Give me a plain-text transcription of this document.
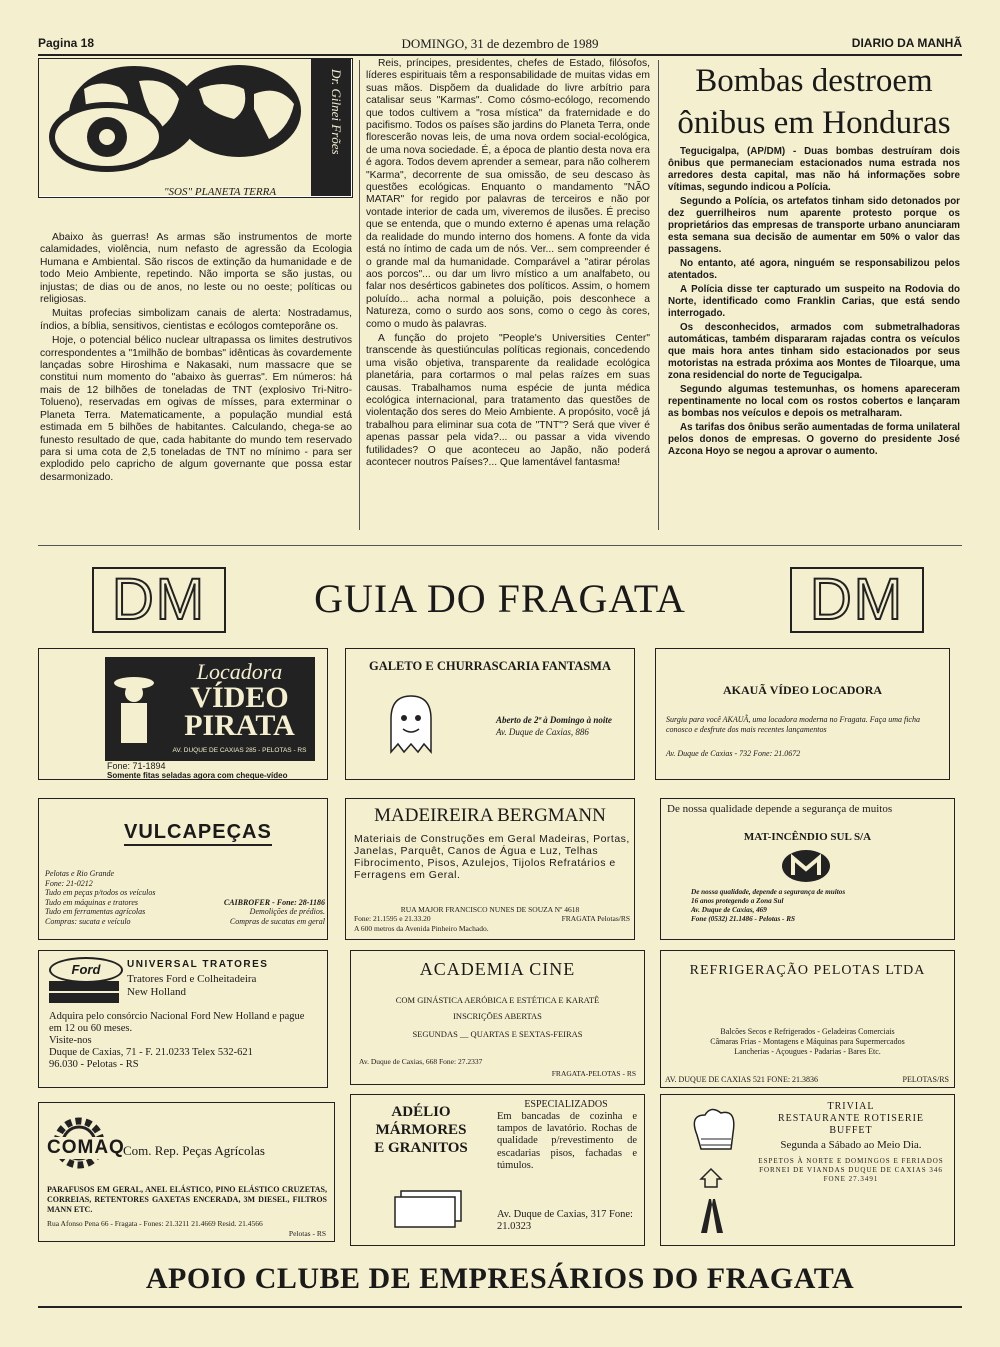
Pagina 18	DOMINGO, 31 de dezembro de 1989	DIARIO DA MANHÃ
Dr. Gilnei Frões
"SOS" PLANETA TERRA

Abaixo às guerras! As armas são instrumentos de morte calamidades, violência, num nefasto de agressão da Ecologia Humana e Ambiental. São riscos de extinção da humanidade e de todo Meio Ambiente, repetindo. Não importa se são justas, ou injustas; de dias ou de anos, no leste ou no oeste; políticas ou religiosas.

Muitas profecias simbolizam canais de alerta: Nostradamus, índios, a bíblia, sensitivos, cientistas e ecólogos comteporâne os.

Hoje, o potencial bélico nuclear ultrapassa os limites destrutivos correspondentes a "1milhão de bombas" idênticas às covardemente lançadas sobre Hiroshima e Nakasaki, num massacre que se constitui num momento do "abaixo às guerras". Em números: há mais de 12 bilhões de toneladas de TNT (explosivo Tri-Nitro-Tolueno), reservadas em ogivas de mísses, para exterminar o Planeta Terra. Matematicamente, a população mundial está estimada em 5 bilhões de habitantes. Calculando, chega-se ao funesto resultado de que, cada habitante do mundo tem reservado para si uma cota de 2,5 toneladas de TNT no mínimo - para ser explodido pelo capricho de algum governante que possa estar desarmonizado.

Reis, príncipes, presidentes, chefes de Estado, filósofos, líderes espirituais têm a responsabilidade de muitas vidas em suas mãos. Dispõem da dualidade do livre arbítrio para catalisar seus "Karmas". Como cósmo-ecólogo, recomendo que todos cultivem a "rosa mística" da fraternidade e do pacifismo. Todos os países são jardins do Planeta Terra, onde florescerão novas leis, de uma nova ordem social-ecológica, de uma nova sociedade. É, a época de plantio desta nova era é agora. Todos devem aprender a semear, para não colherem "Karma", decorrente de sua omissão, de seu descaso às questões ecológicas. Enquanto o mandamento "NÃO MATAR" for regido por palavras de terceiros e não por vontade interior de cada um, viveremos de ilusões. É preciso que se entenda, que o mundo externo é apenas uma relação da realidade do mundo interno dos homens. A fonte da vida está no íntimo de cada um de nós. Ver... sem compreender é o grande mal da humanidade. Comparável a "atirar pérolas aos porcos"... ou dar um livro místico a um analfabeto, ou falar nos desérticos gabinetes dos políticos. Assim, o homem poluído... acha normal a poluição, pois desconhece a Natureza, como o surdo aos sons, como o cego às cores, como o mudo às palavras.

A função do projeto "People's Universities Center" transcende às questiúnculas políticas regionais, concedendo uma visão objetiva, transparente da realidade ecológica planetária, para cortarmos o mal pelas raízes em suas causas. Trabalhamos numa espécie de junta médica ecológica internacional, para tratamento das questões de violentação dos seres do Meio Ambiente. A propósito, você já trabalhou para eliminar sua cota de "TNT"? Será que viver é apenas passar pela vida?... ou passar a vida vivendo futilidades? O que aconteceu ao Japão, não poderá acontecer noutros Países?... Que lamentável fantasma!

Bombas destroem ônibus em Honduras

Tegucigalpa, (AP/DM) - Duas bombas destruíram dois ônibus que permaneciam estacionados numa estrada nos arredores desta capital, mas não há informações sobre vítimas, segundo indicou a Polícia.

Segundo a Polícia, os artefatos tinham sido detonados por dez guerrilheiros num aparente protesto porque os proprietários das empresas de transporte urbano anunciaram esta semana sua decisão de aumentar em 50% o valor das passagens.

No entanto, até agora, ninguém se responsabilizou pelos atentados.

A Polícia disse ter capturado um suspeito na Rodovia do Norte, identificado como Franklin Carias, que está sendo interrogado.

Os desconhecidos, armados com submetralhadoras automáticas, também dispararam rajadas contra os veículos que mais hora antes tinham sido estacionados por seus motoristas na estrada próxima aos Montes de Tiloarque, uma zona residencial do norte de Tegucigalpa.

Segundo algumas testemunhas, os homens apareceram repentinamente no local com os rostos cobertos e lançaram as bombas nos veículos e depois os metralharam.

As tarifas dos ônibus serão aumentadas de forma unilateral pelos donos de empresas. O governo do presidente José Azcona Hoyo se negou a aprovar o aumento.

DM	GUIA DO FRAGATA	DM
Locadora
VÍDEO
PIRATA
AV. DUQUE DE CAXIAS 285 - PELOTAS - RS
Fone: 71-1894
Somente fitas seladas agora com cheque-vídeo
GALETO E CHURRASCARIA FANTASMA
Aberto de 2ª à Domingo à noite
Av. Duque de Caxias, 886
AKAUÃ VÍDEO LOCADORA
Surgiu para você AKAUÃ, uma locadora moderna no Fragata. Faça uma ficha conosco e desfrute dos mais recentes lançamentos
Av. Duque de Caxias - 732 Fone: 21.0672
VULCAPEÇAS
Pelotas e Rio Grande
Fone: 21-0212
Tudo em peças p/todos os veículos
Tudo em máquinas e tratores	CAIBROFER - Fone: 28-1186
Tudo em ferramentas agrícolas	Demolições de prédios.
Compras: sucata e veículo	Compras de sucatas em geral
MADEIREIRA BERGMANN
Materiais de Construções em Geral Madeiras, Portas, Janelas, Parquêt, Canos de Água e Luz, Telhas Fibrocimento, Pisos, Azulejos, Tijolos Refratários e Ferragens em Geral.
RUA MAJOR FRANCISCO NUNES DE SOUZA Nº 4618
Fone: 21.1595 e 21.33.20	FRAGATA Pelotas/RS
A 600 metros da Avenida Pinheiro Machado.
De nossa qualidade depende a segurança de muitos
MAT-INCÊNDIO SUL S/A
De nossa qualidade, depende a segurança de muitos
16 anos protegendo a Zona Sul
Av. Duque de Caxias, 469
Fone (0532) 21.1486 - Pelotas - RS
Ford	UNIVERSAL TRATORES
Tratores Ford e Colheitadeira
New Holland
Adquira pelo consórcio Nacional Ford New Holland e pague em 12 ou 60 meses.
Visite-nos
Duque de Caxias, 71 - F. 21.0233 Telex 532-621
96.030 - Pelotas - RS
ACADEMIA CINE
COM GINÁSTICA AERÓBICA E ESTÉTICA E KARATÊ
INSCRIÇÕES ABERTAS
SEGUNDAS __ QUARTAS E SEXTAS-FEIRAS
Av. Duque de Caxias, 668 Fone: 27.2337
FRAGATA-PELOTAS - RS
REFRIGERAÇÃO PELOTAS LTDA
Balcões Secos e Refrigerados - Geladeiras Comerciais
Câmaras Frias - Montagens e Máquinas para Supermercados
Lancherias - Açougues - Padarias - Bares Etc.
AV. DUQUE DE CAXIAS 521 FONE: 21.3836	PELOTAS/RS
COMAQ
Com. Rep. Peças Agrícolas
PARAFUSOS EM GERAL, ANEL ELÁSTICO, PINO ELÁSTICO CRUZETAS, CORREIAS, RETENTORES GAXETAS ENCERADA, 3M DIESEL, FILTROS MANN ETC.
Rua Afonso Pena 66 - Fragata - Fones: 21.3211 21.4669 Resid. 21.4566
Pelotas - RS
ADÉLIO
MÁRMORES
E GRANITOS
ESPECIALIZADOS
Em bancadas de cozinha e tampos de lavatório. Rochas de qualidade p/revestimento de escadarias pisos, fachadas e túmulos.
Av. Duque de Caxias, 317 Fone: 21.0323
TRIVIAL
RESTAURANTE ROTISERIE
BUFFET
Segunda a Sábado ao Meio Dia.
ESPETOS À NORTE E DOMINGOS E FERIADOS
FORNEI DE VIANDAS DUQUE DE CAXIAS 346 FONE 27.3491
APOIO CLUBE DE EMPRESÁRIOS DO FRAGATA
